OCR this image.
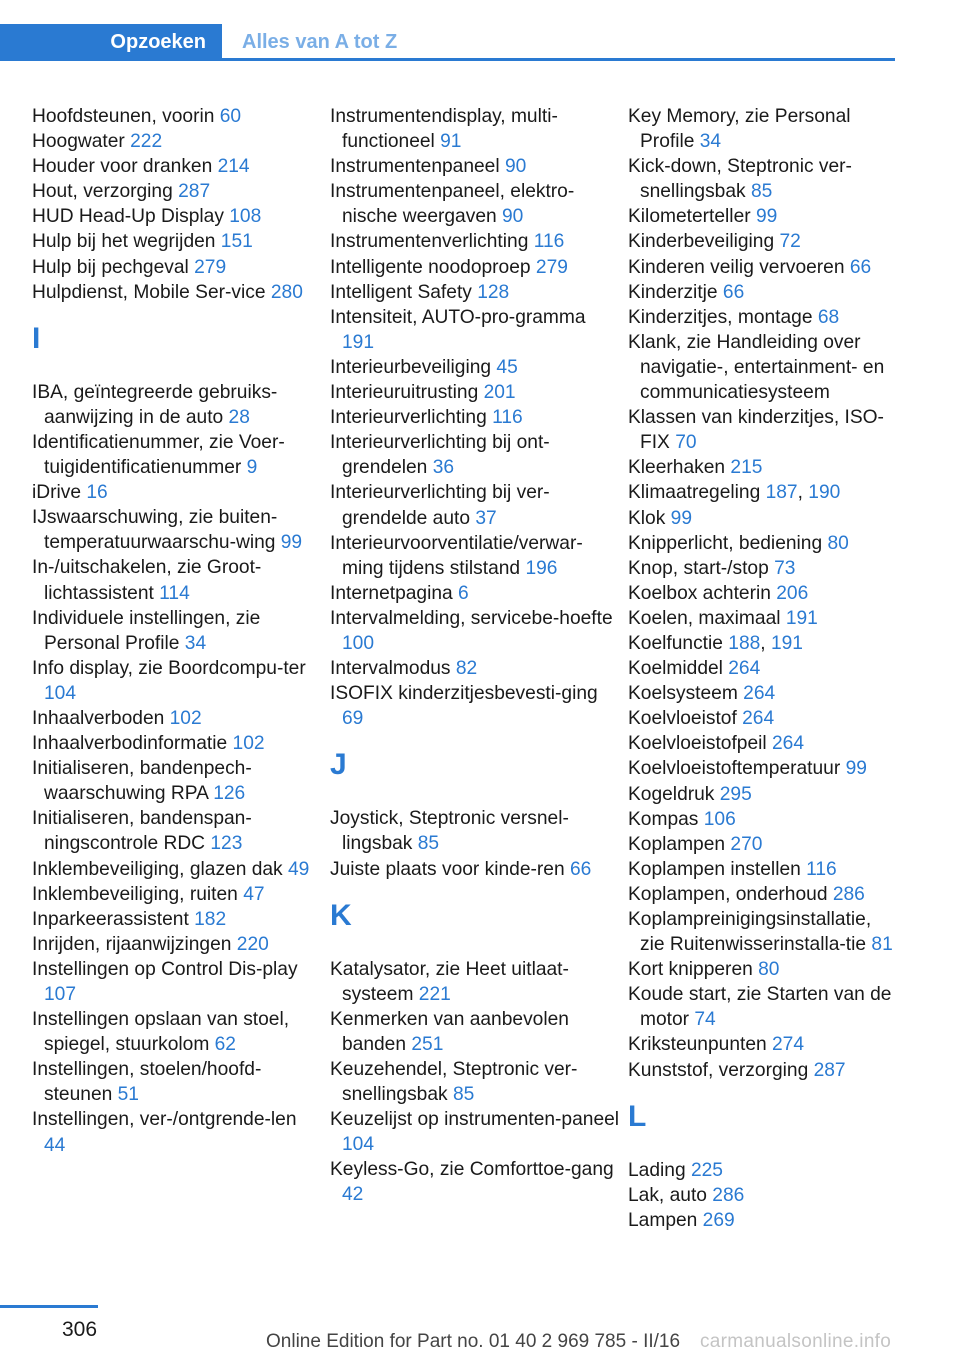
Opzoeken	Alles van A tot Z
Hoofdsteunen, voorin 60
Hoogwater 222
Houder voor dranken 214
Hout, verzorging 287
HUD Head-Up Display 108
Hulp bij het wegrijden 151
Hulp bij pechgeval 279
Hulpdienst, Mobile Ser‐vice 280
I
IBA, geïntegreerde gebruiks‐aanwijzing in de auto 28
Identificatienummer, zie Voer‐tuigidentificatienummer 9
iDrive 16
IJswaarschuwing, zie buiten‐temperatuurwaarschu‐wing 99
In-/uitschakelen, zie Groot‐lichtassistent 114
Individuele instellingen, zie Personal Profile 34
Info display, zie Boordcompu‐ter 104
Inhaalverboden 102
Inhaalverbodinformatie 102
Initialiseren, bandenpech‐waarschuwing RPA 126
Initialiseren, bandenspan‐ningscontrole RDC 123
Inklembeveiliging, glazen dak 49
Inklembeveiliging, ruiten 47
Inparkeerassistent 182
Inrijden, rijaanwijzingen 220
Instellingen op Control Dis‐play 107
Instellingen opslaan van stoel, spiegel, stuurkolom 62
Instellingen, stoelen/hoofd‐steunen 51
Instellingen, ver-/ontgrende‐len 44
Instrumentendisplay, multi‐functioneel 91
Instrumentenpaneel 90
Instrumentenpaneel, elektro‐nische weergaven 90
Instrumentenverlichting 116
Intelligente noodoproep 279
Intelligent Safety 128
Intensiteit, AUTO-pro‐gramma 191
Interieurbeveiliging 45
Interieuruitrusting 201
Interieurverlichting 116
Interieurverlichting bij ont‐grendelen 36
Interieurverlichting bij ver‐grendelde auto 37
Interieurvoorventilatie/verwar‐ming tijdens stilstand 196
Internetpagina 6
Intervalmelding, servicebe‐hoefte 100
Intervalmodus 82
ISOFIX kinderzitjesbevesti‐ging 69
J
Joystick, Steptronic versnel‐lingsbak 85
Juiste plaats voor kinde‐ren 66
K
Katalysator, zie Heet uitlaat‐systeem 221
Kenmerken van aanbevolen banden 251
Keuzehendel, Steptronic ver‐snellingsbak 85
Keuzelijst op instrumenten‐paneel 104
Keyless-Go, zie Comforttoe‐gang 42
Key Memory, zie Personal Profile 34
Kick-down, Steptronic ver‐snellingsbak 85
Kilometerteller 99
Kinderbeveiliging 72
Kinderen veilig vervoeren 66
Kinderzitje 66
Kinderzitjes, montage 68
Klank, zie Handleiding over navigatie-, entertainment- en communicatiesysteem
Klassen van kinderzitjes, ISO‐FIX 70
Kleerhaken 215
Klimaatregeling 187, 190
Klok 99
Knipperlicht, bediening 80
Knop, start-/stop 73
Koelbox achterin 206
Koelen, maximaal 191
Koelfunctie 188, 191
Koelmiddel 264
Koelsysteem 264
Koelvloeistof 264
Koelvloeistofpeil 264
Koelvloeistoftemperatuur 99
Kogeldruk 295
Kompas 106
Koplampen 270
Koplampen instellen 116
Koplampen, onderhoud 286
Koplampreinigingsinstallatie, zie Ruitenwisserinstalla‐tie 81
Kort knipperen 80
Koude start, zie Starten van de motor 74
Kriksteunpunten 274
Kunststof, verzorging 287
L
Lading 225
Lak, auto 286
Lampen 269
306
Online Edition for Part no. 01 40 2 969 785 - II/16 carmanualsonline.info
